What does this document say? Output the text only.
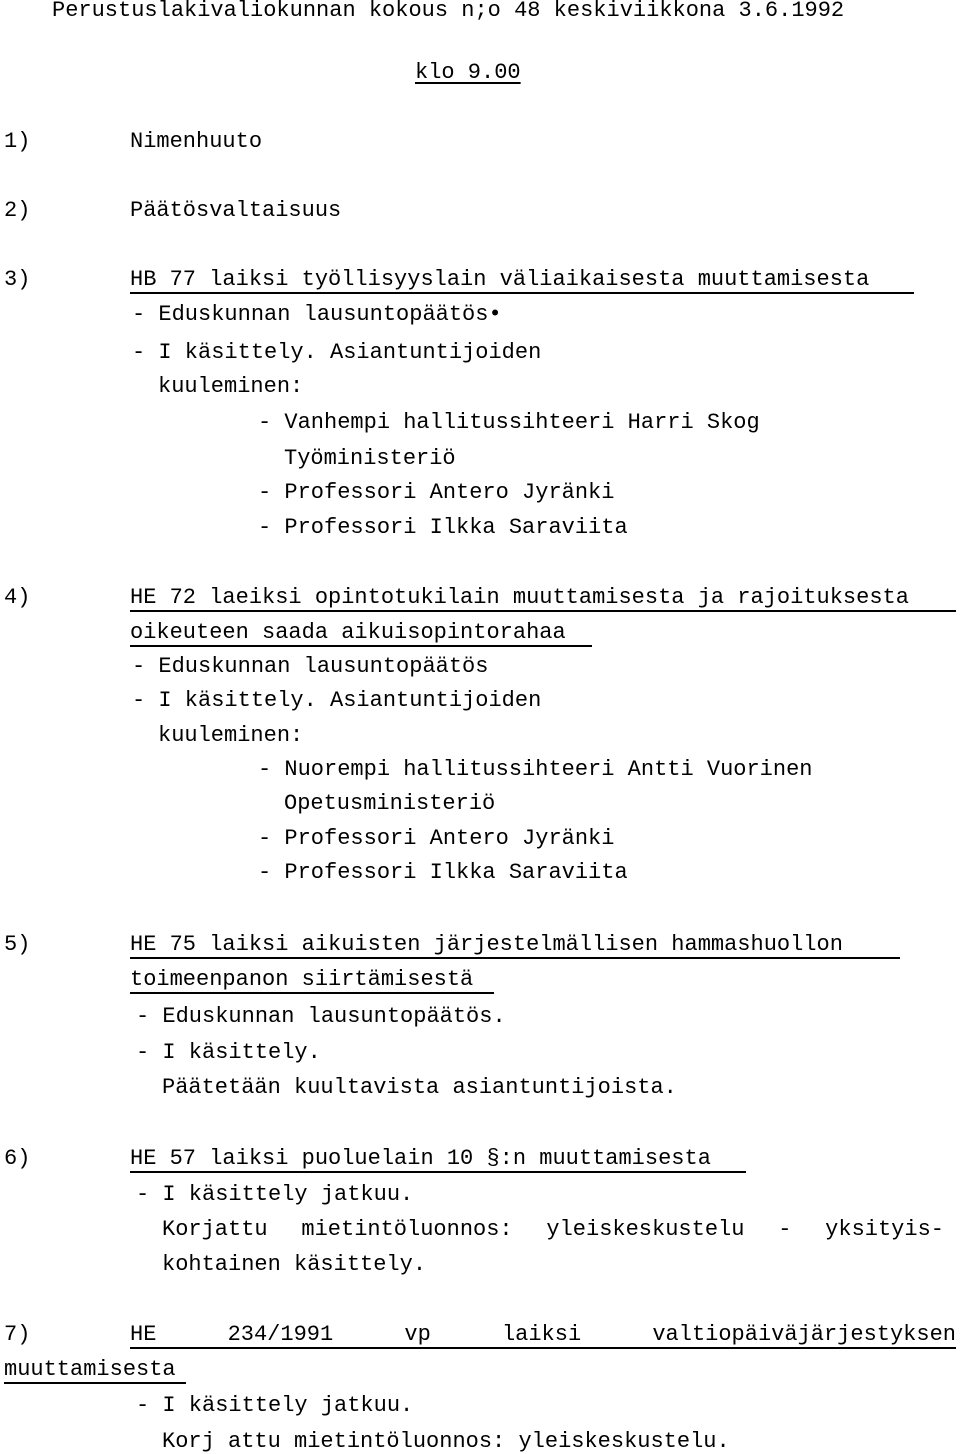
Perustuslakivaliokunnan kokous n;o 48 keskiviikkona 3.6.1992
klo 9.00
1)	Nimenhuuto
2)	Päätösvaltaisuus
3)	HB 77 laiksi työllisyyslain väliaikaisesta muuttamisesta
- Eduskunnan lausuntopäätös•
- I käsittely. Asiantuntijoiden
kuuleminen:
- Vanhempi hallitussihteeri Harri Skog
Työministeriö
- Professori Antero Jyränki
- Professori Ilkka Saraviita
4)	HE 72 laeiksi opintotukilain muuttamisesta ja rajoituksesta
oikeuteen saada aikuisopintorahaa
- Eduskunnan lausuntopäätös
- I käsittely. Asiantuntijoiden
kuuleminen:
- Nuorempi hallitussihteeri Antti Vuorinen
Opetusministeriö
- Professori Antero Jyränki
- Professori Ilkka Saraviita
5)	HE 75 laiksi aikuisten järjestelmällisen hammashuollon
toimeenpanon siirtämisestä
- Eduskunnan lausuntopäätös.
- I käsittely.
Päätetään kuultavista asiantuntijoista.
6)	HE 57 laiksi puoluelain 10 §:n muuttamisesta
- I käsittely jatkuu.
Korjattu mietintöluonnos: yleiskeskustelu - yksityis-
kohtainen käsittely.
7)	HE	234/1991	vp	laiksi	valtiopäiväjärjestyksen
muuttamisesta
- I käsittely jatkuu.
Korj attu mietintöluonnos: yleiskeskustelu.
